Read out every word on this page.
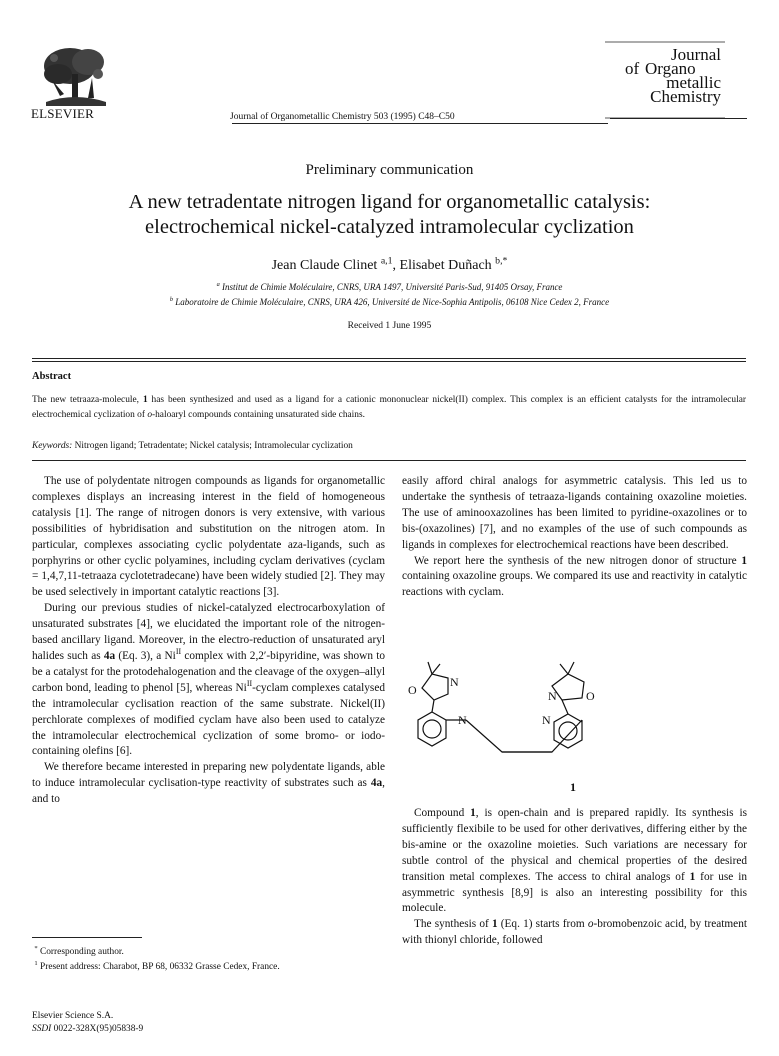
ELSEVIER	Journal of Organometallic Chemistry 503 (1995) C48–C50
Journal
of Organo
metallic
Chemistry
Preliminary communication
A new tetradentate nitrogen ligand for organometallic catalysis:
electrochemical nickel-catalyzed intramolecular cyclization
Jean Claude Clinet $^{a,1}$, Elisabet Duñach $^{b,*}$
$^a$ Institut de Chimie Moléculaire, CNRS, URA 1497, Université Paris-Sud, 91405 Orsay, France
$^b$ Laboratoire de Chimie Moléculaire, CNRS, URA 426, Université de Nice-Sophia Antipolis, 06108 Nice Cedex 2, France
Received 1 June 1995
Abstract
The new tetraaza-molecule, 1 has been synthesized and used as a ligand for a cationic mononuclear nickel(II) complex. This complex is an efficient catalysts for the intramolecular electrochemical cyclization of o-haloaryl compounds containing unsaturated side chains.
Keywords: Nitrogen ligand; Tetradentate; Nickel catalysis; Intramolecular cyclization

The use of polydentate nitrogen compounds as ligands for organometallic complexes displays an increasing interest in the field of homogeneous catalysis [1]. The range of nitrogen donors is very extensive, with various possibilities of hybridisation and substitution on the nitrogen atom. In particular, complexes associating cyclic polydentate aza-ligands, such as porphyrins or other cyclic polyamines, including cyclam derivatives (cyclam = 1,4,7,11-tetraaza cyclotetradecane) have been widely studied [2]. They may be used selectively in important catalytic reactions [3].

During our previous studies of nickel-catalyzed electrocarboxylation of unsaturated substrates [4], we elucidated the important role of the nitrogen-based ancillary ligand. Moreover, in the electro-reduction of unsaturated aryl halides such as 4a (Eq. 3), a $Ni^{II}$ complex with 2,2′-bipyridine, was shown to be a catalyst for the protodehalogenation and the cleavage of the oxygen–allyl carbon bond, leading to phenol [5], whereas $Ni^{II}$-cyclam complexes catalysed the intramolecular cyclisation reaction of the same substrate. Nickel(II) perchlorate complexes of modified cyclam have also been used to catalyze the intramolecular electrochemical cyclization of some bromo- or iodo-containing olefins [6].

We therefore became interested in preparing new polydentate ligands, able to induce intramolecular cyclisation-type reactivity of substrates such as 4a, and to

easily afford chiral analogs for asymmetric catalysis. This led us to undertake the synthesis of tetraaza-ligands containing oxazoline moieties. The use of aminooxazolines has been limited to pyridine-oxazolines or to bis-(oxazolines) [7], and no examples of the use of such compounds as ligands in complexes for electrochemical reactions have been described.

We report here the synthesis of the new nitrogen donor of structure 1 containing oxazoline groups. We compared its use and reactivity in catalytic reactions with cyclam.

O
N
N	N
N O
1

Compound 1, is open-chain and is prepared rapidly. Its synthesis is sufficiently flexibile to be used for other derivatives, differing either by the bis-amine or the oxazoline moieties. Such variations are necessary for subtle control of the physical and chemical properties of the desired transition metal complexes. The access to chiral analogs of 1 for use in asymmetric synthesis [8,9] is also an interesting possibility for this molecule.

The synthesis of 1 (Eq. 1) starts from o-bromobenzoic acid, by treatment with thionyl chloride, followed

* Corresponding author.
$^1$ Present address: Charabot, BP 68, 06332 Grasse Cedex, France.
Elsevier Science S.A.
SSDI 0022-328X(95)05838-9
